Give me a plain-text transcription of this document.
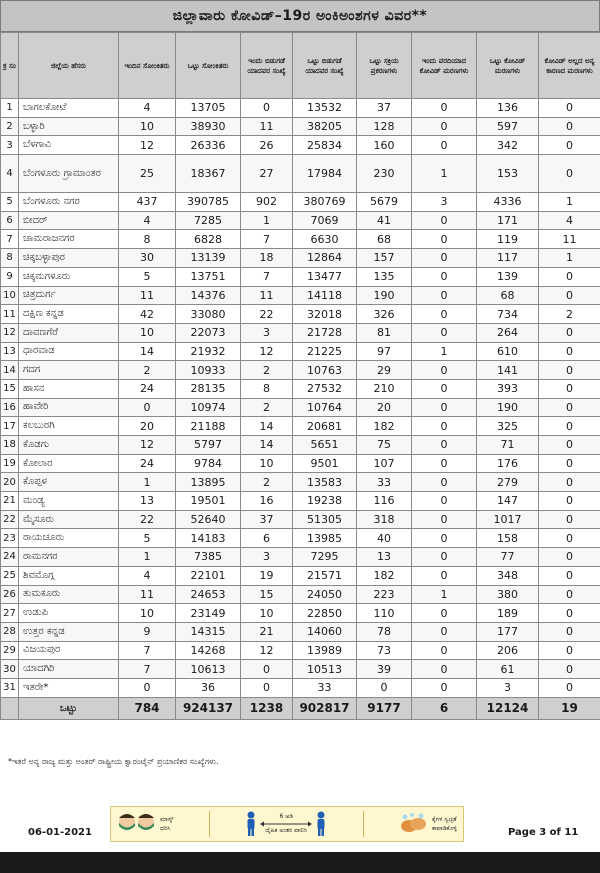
ಜಿಲ್ಲಾವಾರು ಕೋವಿಡ್–19ರ ಅಂಕಿಅಂಶಗಳ ವಿವರ**
ಕ್ರ ಸಂ	ಜಿಲ್ಲೆಯ ಹೆಸರು	ಇಂದಿನ ಸೋಂಕಿತರು	ಒಟ್ಟು ಸೋಂಕಿತರು	ಇಂದು ಬಿಡುಗಡೆ ಯಾದವರ ಸಂಖ್ಯೆ	ಒಟ್ಟು ಬಿಡುಗಡೆ ಯಾದವರ ಸಂಖ್ಯೆ	ಒಟ್ಟು ಸಕ್ರಿಯ ಪ್ರಕರಣಗಳು	ಇಂದು ವರದಿಯಾದ ಕೋವಿಡ್ ಮರಣಗಳು	ಒಟ್ಟು ಕೋವಿಡ್ ಮರಣಗಳು	ಕೋವಿಡ್ ಅಲ್ಲದ ಅನ್ಯ ಕಾರಣದ ಮರಣಗಳು
1	ಬಾಗಲಕೋಟೆ	4	13705	0	13532	37	0	136	0
2	ಬಳ್ಳಾರಿ	10	38930	11	38205	128	0	597	0
3	ಬೆಳಗಾವಿ	12	26336	26	25834	160	0	342	0
4	ಬೆಂಗಳೂರು ಗ್ರಾಮಾಂತರ	25	18367	27	17984	230	1	153	0
5	ಬೆಂಗಳೂರು ನಗರ	437	390785	902	380769	5679	3	4336	1
6	ಬೀದರ್	4	7285	1	7069	41	0	171	4
7	ಚಾಮರಾಜನಗರ	8	6828	7	6630	68	0	119	11
8	ಚಿಕ್ಕಬಳ್ಳಾಪುರ	30	13139	18	12864	157	0	117	1
9	ಚಿಕ್ಕಮಗಳೂರು	5	13751	7	13477	135	0	139	0
10	ಚಿತ್ರದುರ್ಗ	11	14376	11	14118	190	0	68	0
11	ದಕ್ಷಿಣ ಕನ್ನಡ	42	33080	22	32018	326	0	734	2
12	ದಾವಣಗೆರೆ	10	22073	3	21728	81	0	264	0
13	ಧಾರವಾಡ	14	21932	12	21225	97	1	610	0
14	ಗದಗ	2	10933	2	10763	29	0	141	0
15	ಹಾಸನ	24	28135	8	27532	210	0	393	0
16	ಹಾವೇರಿ	0	10974	2	10764	20	0	190	0
17	ಕಲಬುರಗಿ	20	21188	14	20681	182	0	325	0
18	ಕೊಡಗು	12	5797	14	5651	75	0	71	0
19	ಕೋಲಾರ	24	9784	10	9501	107	0	176	0
20	ಕೊಪ್ಪಳ	1	13895	2	13583	33	0	279	0
21	ಮಂಡ್ಯ	13	19501	16	19238	116	0	147	0
22	ಮೈಸೂರು	22	52640	37	51305	318	0	1017	0
23	ರಾಯಚೂರು	5	14183	6	13985	40	0	158	0
24	ರಾಮನಗರ	1	7385	3	7295	13	0	77	0
25	ಶಿವಮೊಗ್ಗ	4	22101	19	21571	182	0	348	0
26	ತುಮಕೂರು	11	24653	15	24050	223	1	380	0
27	ಉಡುಪಿ	10	23149	10	22850	110	0	189	0
28	ಉತ್ತರ ಕನ್ನಡ	9	14315	21	14060	78	0	177	0
29	ವಿಜಯಪುರ	7	14268	12	13989	73	0	206	0
30	ಯಾದಗಿರಿ	7	10613	0	10513	39	0	61	0
31	ಇತರೇ*	0	36	0	33	0	0	3	0
	ಒಟ್ಟು	784	924137	1238	902817	9177	6	12124	19
*ಇತರೆ ಅನ್ಯ ರಾಜ್ಯ ಮತ್ತು ಅಂತರ್ ರಾಷ್ಟ್ರೀಯ ಕ್ವಾರಂಟೈನ್ ಪ್ರಯಾಣಿಕರ ಸಂಖ್ಯೆಗಳು.
ಮಾಸ್ಕ್
ಧರಿಸಿ
6 ಅಡಿ
ದೈಹಿಕ ಅಂತರ ಪಾಲಿಸಿ
ಕೈಗಳ ಸ್ವಚ್ಛತೆ
ಕಾಪಾಡಿಕೊಳ್ಳಿ
06-01-2021	Page 3 of 11
